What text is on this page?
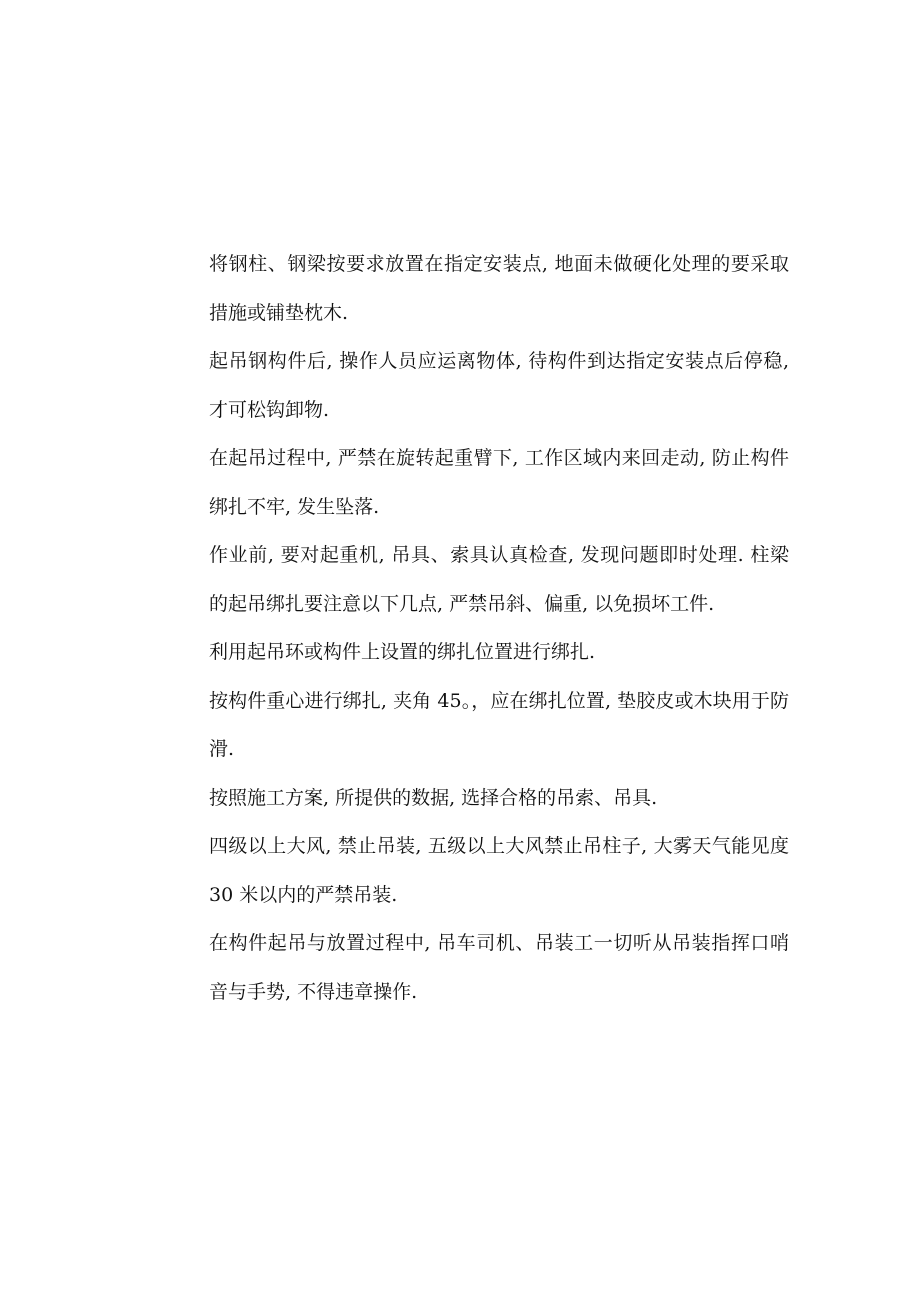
将钢柱、钢梁按要求放置在指定安装点, 地面未做硬化处理的要采取措施或铺垫枕木.

起吊钢构件后, 操作人员应运离物体, 待构件到达指定安装点后停稳, 才可松钩卸物.

在起吊过程中, 严禁在旋转起重臂下, 工作区域内来回走动, 防止构件绑扎不牢, 发生坠落.

作业前, 要对起重机, 吊具、索具认真检查, 发现问题即时处理. 柱梁的起吊绑扎要注意以下几点, 严禁吊斜、偏重, 以免损坏工件.

利用起吊环或构件上设置的绑扎位置进行绑扎.

按构件重心进行绑扎, 夹角 45。，应在绑扎位置, 垫胶皮或木块用于防滑.

按照施工方案, 所提供的数据, 选择合格的吊索、吊具.

四级以上大风, 禁止吊装, 五级以上大风禁止吊柱子, 大雾天气能见度 30 米以内的严禁吊装.

在构件起吊与放置过程中, 吊车司机、吊装工一切听从吊装指挥口哨音与手势, 不得违章操作.
